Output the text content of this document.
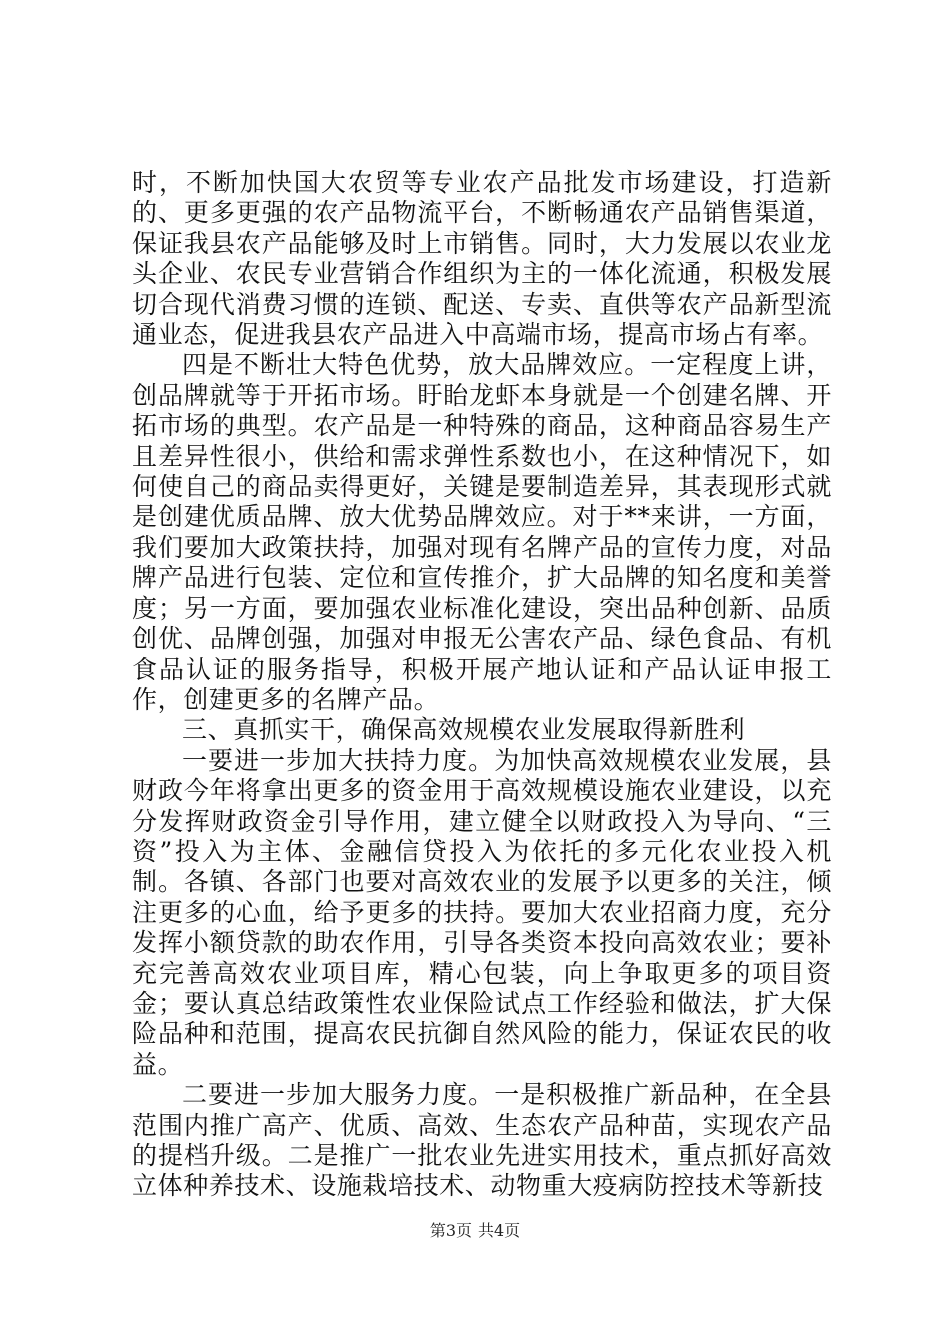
时，不断加快国大农贸等专业农产品批发市场建设，打造新的、更多更强的农产品物流平台，不断畅通农产品销售渠道，保证我县农产品能够及时上市销售。同时，大力发展以农业龙头企业、农民专业营销合作组织为主的一体化流通，积极发展切合现代消费习惯的连锁、配送、专卖、直供等农产品新型流通业态，促进我县农产品进入中高端市场，提高市场占有率。

四是不断壮大特色优势，放大品牌效应。一定程度上讲，创品牌就等于开拓市场。盱眙龙虾本身就是一个创建名牌、开拓市场的典型。农产品是一种特殊的商品，这种商品容易生产且差异性很小，供给和需求弹性系数也小，在这种情况下，如何使自己的商品卖得更好，关键是要制造差异，其表现形式就是创建优质品牌、放大优势品牌效应。对于**来讲，一方面，我们要加大政策扶持，加强对现有名牌产品的宣传力度，对品牌产品进行包装、定位和宣传推介，扩大品牌的知名度和美誉度；另一方面，要加强农业标准化建设，突出品种创新、品质创优、品牌创强，加强对申报无公害农产品、绿色食品、有机食品认证的服务指导，积极开展产地认证和产品认证申报工作，创建更多的名牌产品。

三、真抓实干，确保高效规模农业发展取得新胜利

一要进一步加大扶持力度。为加快高效规模农业发展，县财政今年将拿出更多的资金用于高效规模设施农业建设，以充分发挥财政资金引导作用，建立健全以财政投入为导向、“三资”投入为主体、金融信贷投入为依托的多元化农业投入机制。各镇、各部门也要对高效农业的发展予以更多的关注，倾注更多的心血，给予更多的扶持。要加大农业招商力度，充分发挥小额贷款的助农作用，引导各类资本投向高效农业；要补充完善高效农业项目库，精心包装，向上争取更多的项目资金；要认真总结政策性农业保险试点工作经验和做法，扩大保险品种和范围，提高农民抗御自然风险的能力，保证农民的收益。

二要进一步加大服务力度。一是积极推广新品种，在全县范围内推广高产、优质、高效、生态农产品种苗，实现农产品的提档升级。二是推广一批农业先进实用技术，重点抓好高效立体种养技术、设施栽培技术、动物重大疫病防控技术等新技

第3页 共4页
